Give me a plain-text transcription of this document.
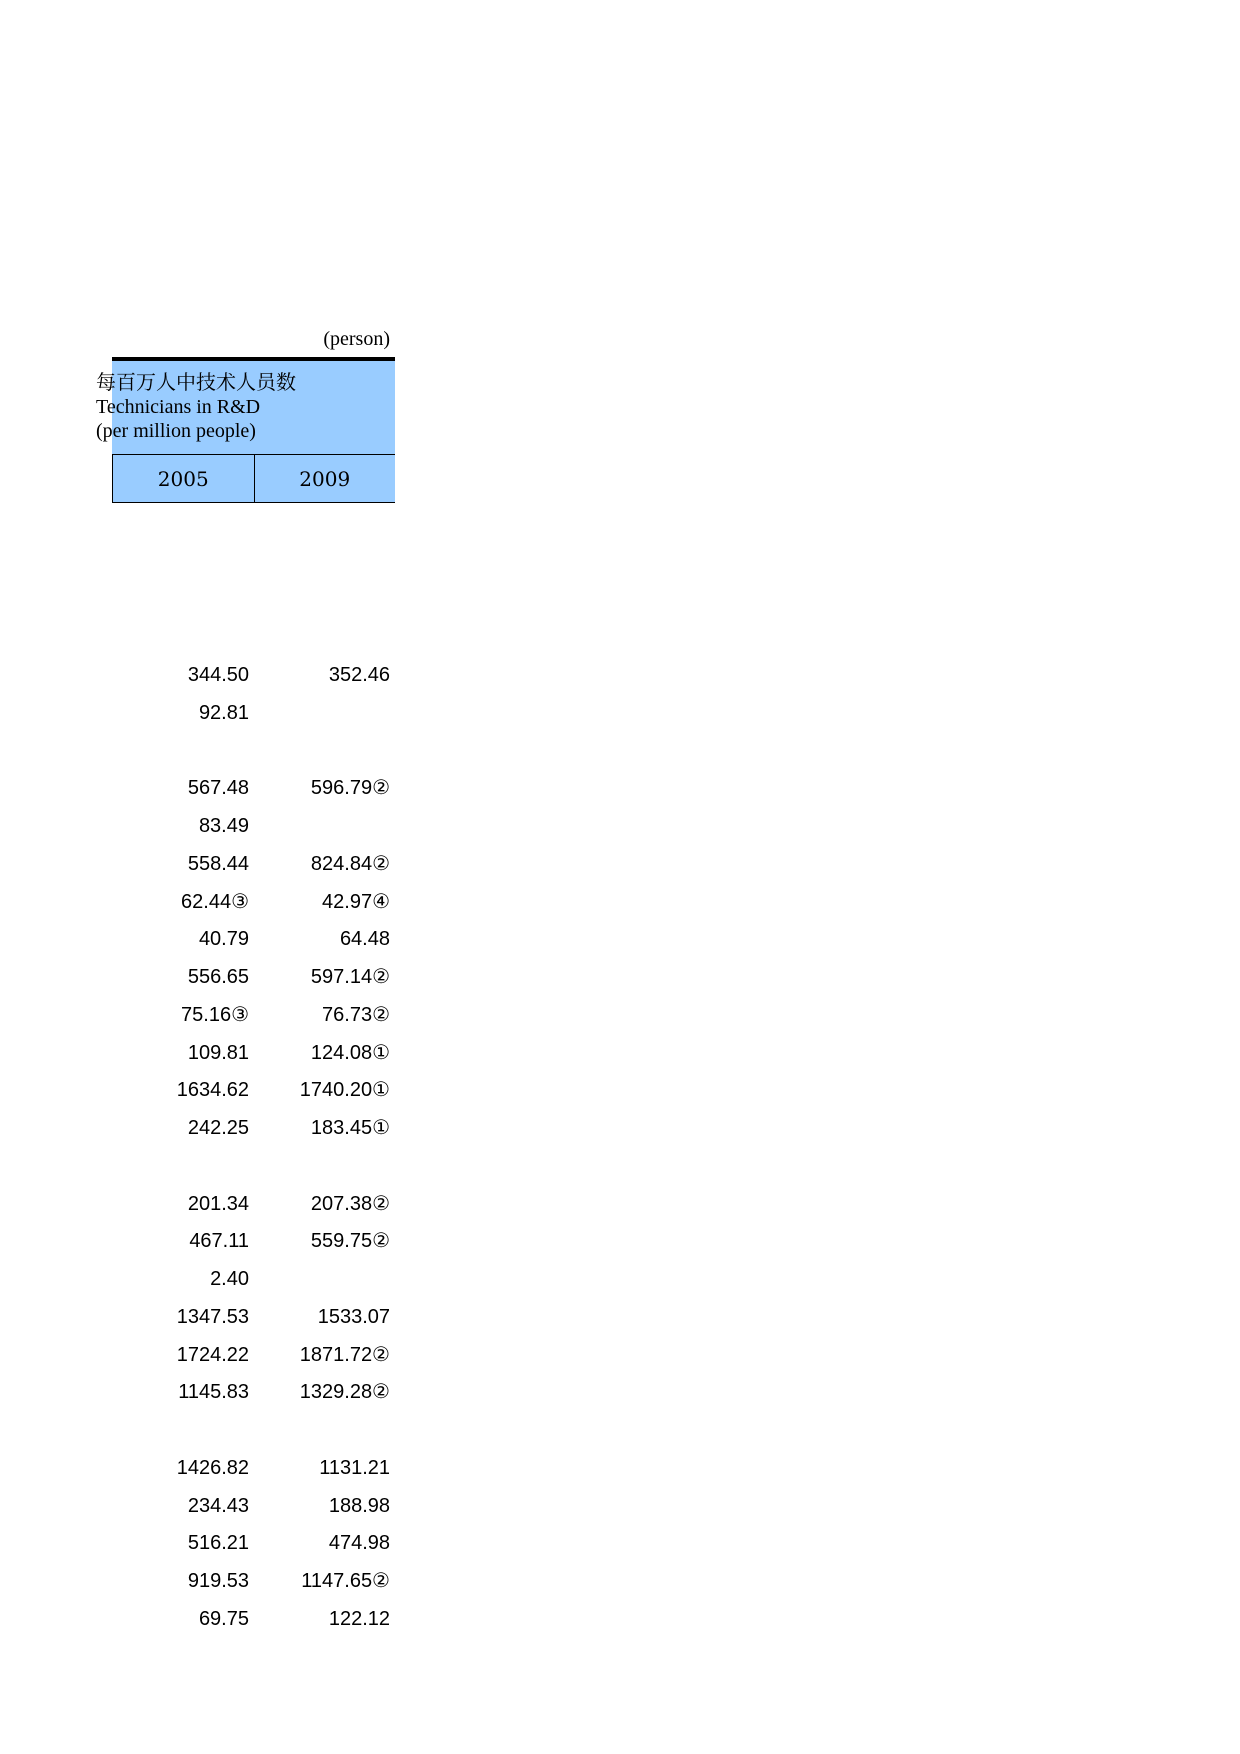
(person)
每百万人中技术人员数
Technicians in R&D
(per million people)
2005	2009
344.50	352.46
92.81
567.48	596.79②
83.49
558.44	824.84②
62.44③	42.97④
40.79	64.48
556.65	597.14②
75.16③	76.73②
109.81	124.08①
1634.62	1740.20①
242.25	183.45①
201.34	207.38②
467.11	559.75②
2.40
1347.53	1533.07
1724.22	1871.72②
1145.83	1329.28②
1426.82	1131.21
234.43	188.98
516.21	474.98
919.53	1147.65②
69.75	122.12
